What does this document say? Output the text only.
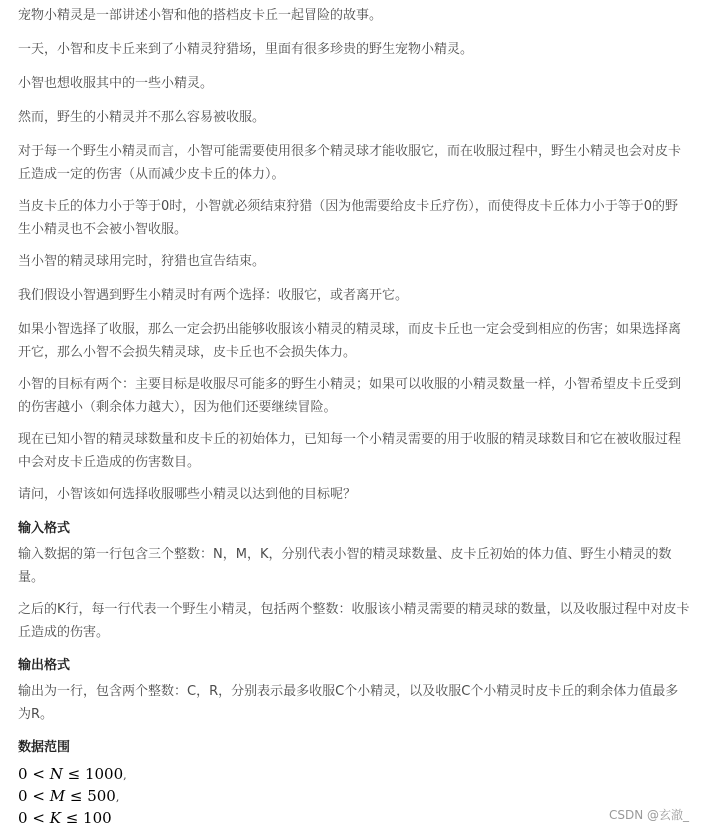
宠物小精灵是一部讲述小智和他的搭档皮卡丘一起冒险的故事。

一天，小智和皮卡丘来到了小精灵狩猎场，里面有很多珍贵的野生宠物小精灵。

小智也想收服其中的一些小精灵。

然而，野生的小精灵并不那么容易被收服。

对于每一个野生小精灵而言，小智可能需要使用很多个精灵球才能收服它，而在收服过程中，野生小精灵也会对皮卡丘造成一定的伤害（从而减少皮卡丘的体力）。

当皮卡丘的体力小于等于0时，小智就必须结束狩猎（因为他需要给皮卡丘疗伤），而使得皮卡丘体力小于等于0的野生小精灵也不会被小智收服。

当小智的精灵球用完时，狩猎也宣告结束。

我们假设小智遇到野生小精灵时有两个选择：收服它，或者离开它。

如果小智选择了收服，那么一定会扔出能够收服该小精灵的精灵球，而皮卡丘也一定会受到相应的伤害；如果选择离开它，那么小智不会损失精灵球，皮卡丘也不会损失体力。

小智的目标有两个：主要目标是收服尽可能多的野生小精灵；如果可以收服的小精灵数量一样，小智希望皮卡丘受到的伤害越小（剩余体力越大），因为他们还要继续冒险。

现在已知小智的精灵球数量和皮卡丘的初始体力，已知每一个小精灵需要的用于收服的精灵球数目和它在被收服过程中会对皮卡丘造成的伤害数目。

请问，小智该如何选择收服哪些小精灵以达到他的目标呢？

输入格式

输入数据的第一行包含三个整数：N，M，K，分别代表小智的精灵球数量、皮卡丘初始的体力值、野生小精灵的数量。

之后的K行，每一行代表一个野生小精灵，包括两个整数：收服该小精灵需要的精灵球的数量，以及收服过程中对皮卡丘造成的伤害。

输出格式

输出为一行，包含两个整数：C，R，分别表示最多收服C个小精灵，以及收服C个小精灵时皮卡丘的剩余体力值最多为R。

数据范围

0 < N ≤ 1000,
0 < M ≤ 500,
0 < K ≤ 100	CSDN @玄澈_
